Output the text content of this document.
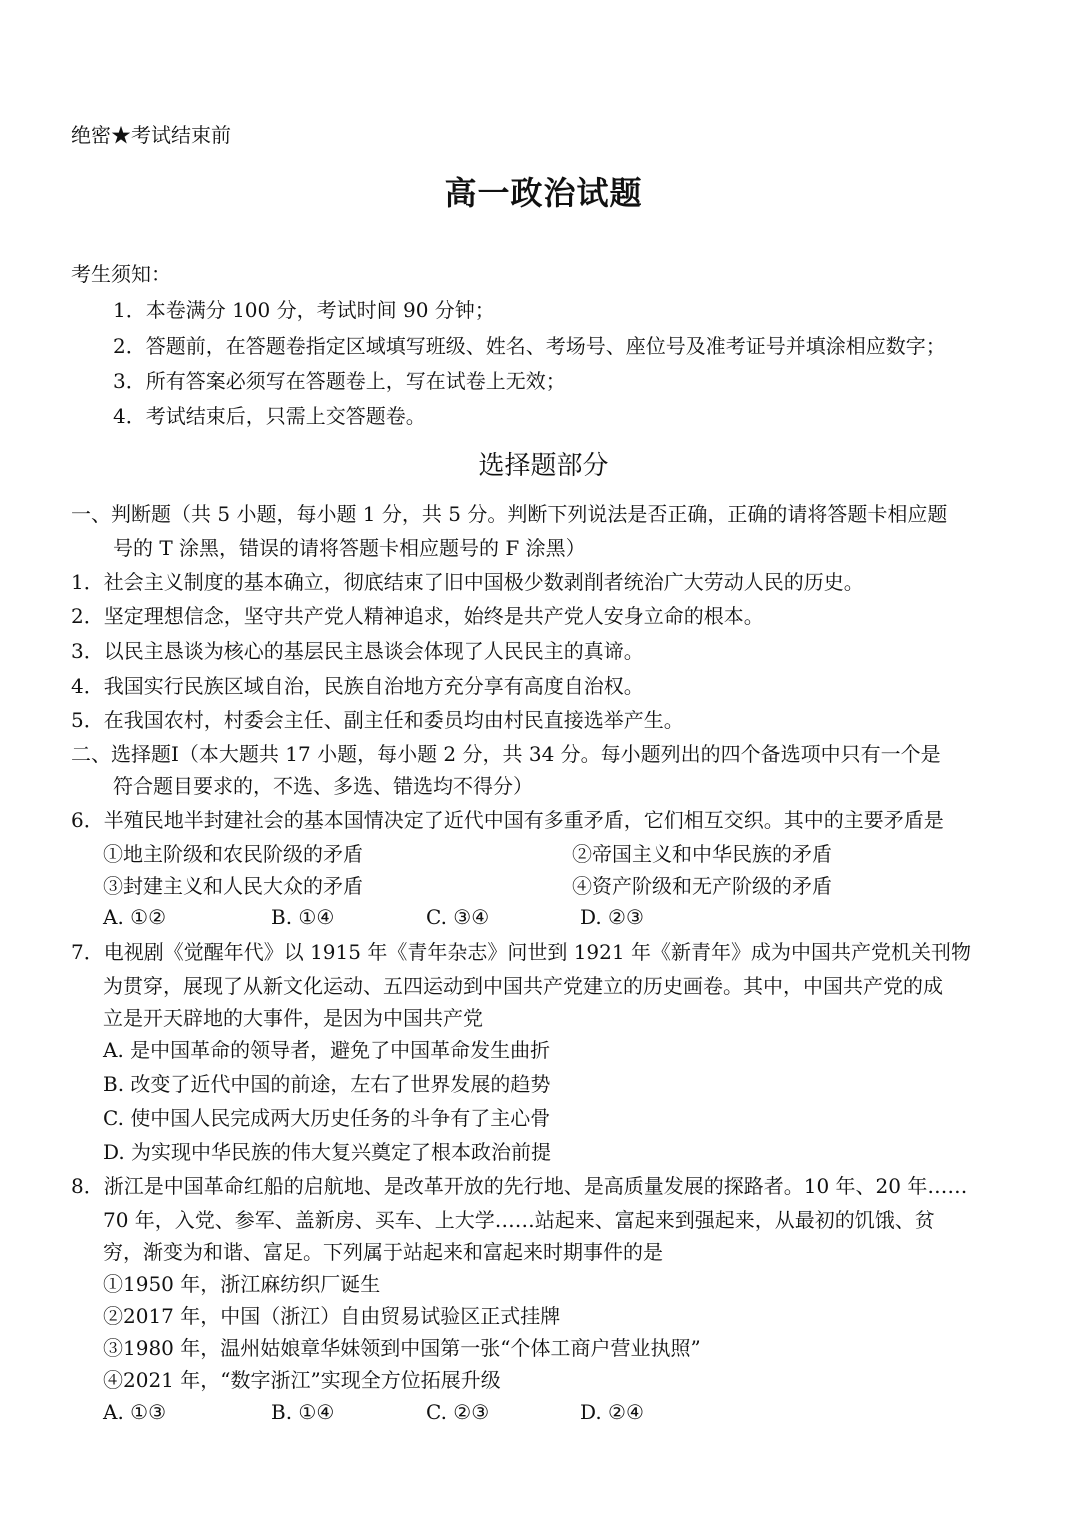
绝密★考试结束前
高一政治试题
考生须知：
1．本卷满分 100 分，考试时间 90 分钟；
2．答题前，在答题卷指定区域填写班级、姓名、考场号、座位号及准考证号并填涂相应数字；
3．所有答案必须写在答题卷上，写在试卷上无效；
4．考试结束后，只需上交答题卷。
选择题部分
一、判断题（共 5 小题，每小题 1 分，共 5 分。判断下列说法是否正确，正确的请将答题卡相应题
号的 T 涂黑，错误的请将答题卡相应题号的 F 涂黑）
1．社会主义制度的基本确立，彻底结束了旧中国极少数剥削者统治广大劳动人民的历史。
2．坚定理想信念，坚守共产党人精神追求，始终是共产党人安身立命的根本。
3．以民主恳谈为核心的基层民主恳谈会体现了人民民主的真谛。
4．我国实行民族区域自治，民族自治地方充分享有高度自治权。
5．在我国农村，村委会主任、副主任和委员均由村民直接选举产生。
二、选择题Ⅰ（本大题共 17 小题，每小题 2 分，共 34 分。每小题列出的四个备选项中只有一个是
符合题目要求的，不选、多选、错选均不得分）
6．半殖民地半封建社会的基本国情决定了近代中国有多重矛盾，它们相互交织。其中的主要矛盾是
①地主阶级和农民阶级的矛盾	②帝国主义和中华民族的矛盾
③封建主义和人民大众的矛盾	④资产阶级和无产阶级的矛盾
A. ①②	B. ①④	C. ③④	D. ②③
7．电视剧《觉醒年代》以 1915 年《青年杂志》问世到 1921 年《新青年》成为中国共产党机关刊物
为贯穿，展现了从新文化运动、五四运动到中国共产党建立的历史画卷。其中，中国共产党的成
立是开天辟地的大事件，是因为中国共产党
A. 是中国革命的领导者，避免了中国革命发生曲折
B. 改变了近代中国的前途，左右了世界发展的趋势
C. 使中国人民完成两大历史任务的斗争有了主心骨
D. 为实现中华民族的伟大复兴奠定了根本政治前提
8．浙江是中国革命红船的启航地、是改革开放的先行地、是高质量发展的探路者。10 年、20 年……
70 年，入党、参军、盖新房、买车、上大学……站起来、富起来到强起来，从最初的饥饿、贫
穷，渐变为和谐、富足。下列属于站起来和富起来时期事件的是
①1950 年，浙江麻纺织厂诞生
②2017 年，中国（浙江）自由贸易试验区正式挂牌
③1980 年，温州姑娘章华妹领到中国第一张“个体工商户营业执照”
④2021 年，“数字浙江”实现全方位拓展升级
A. ①③	B. ①④	C. ②③	D. ②④
